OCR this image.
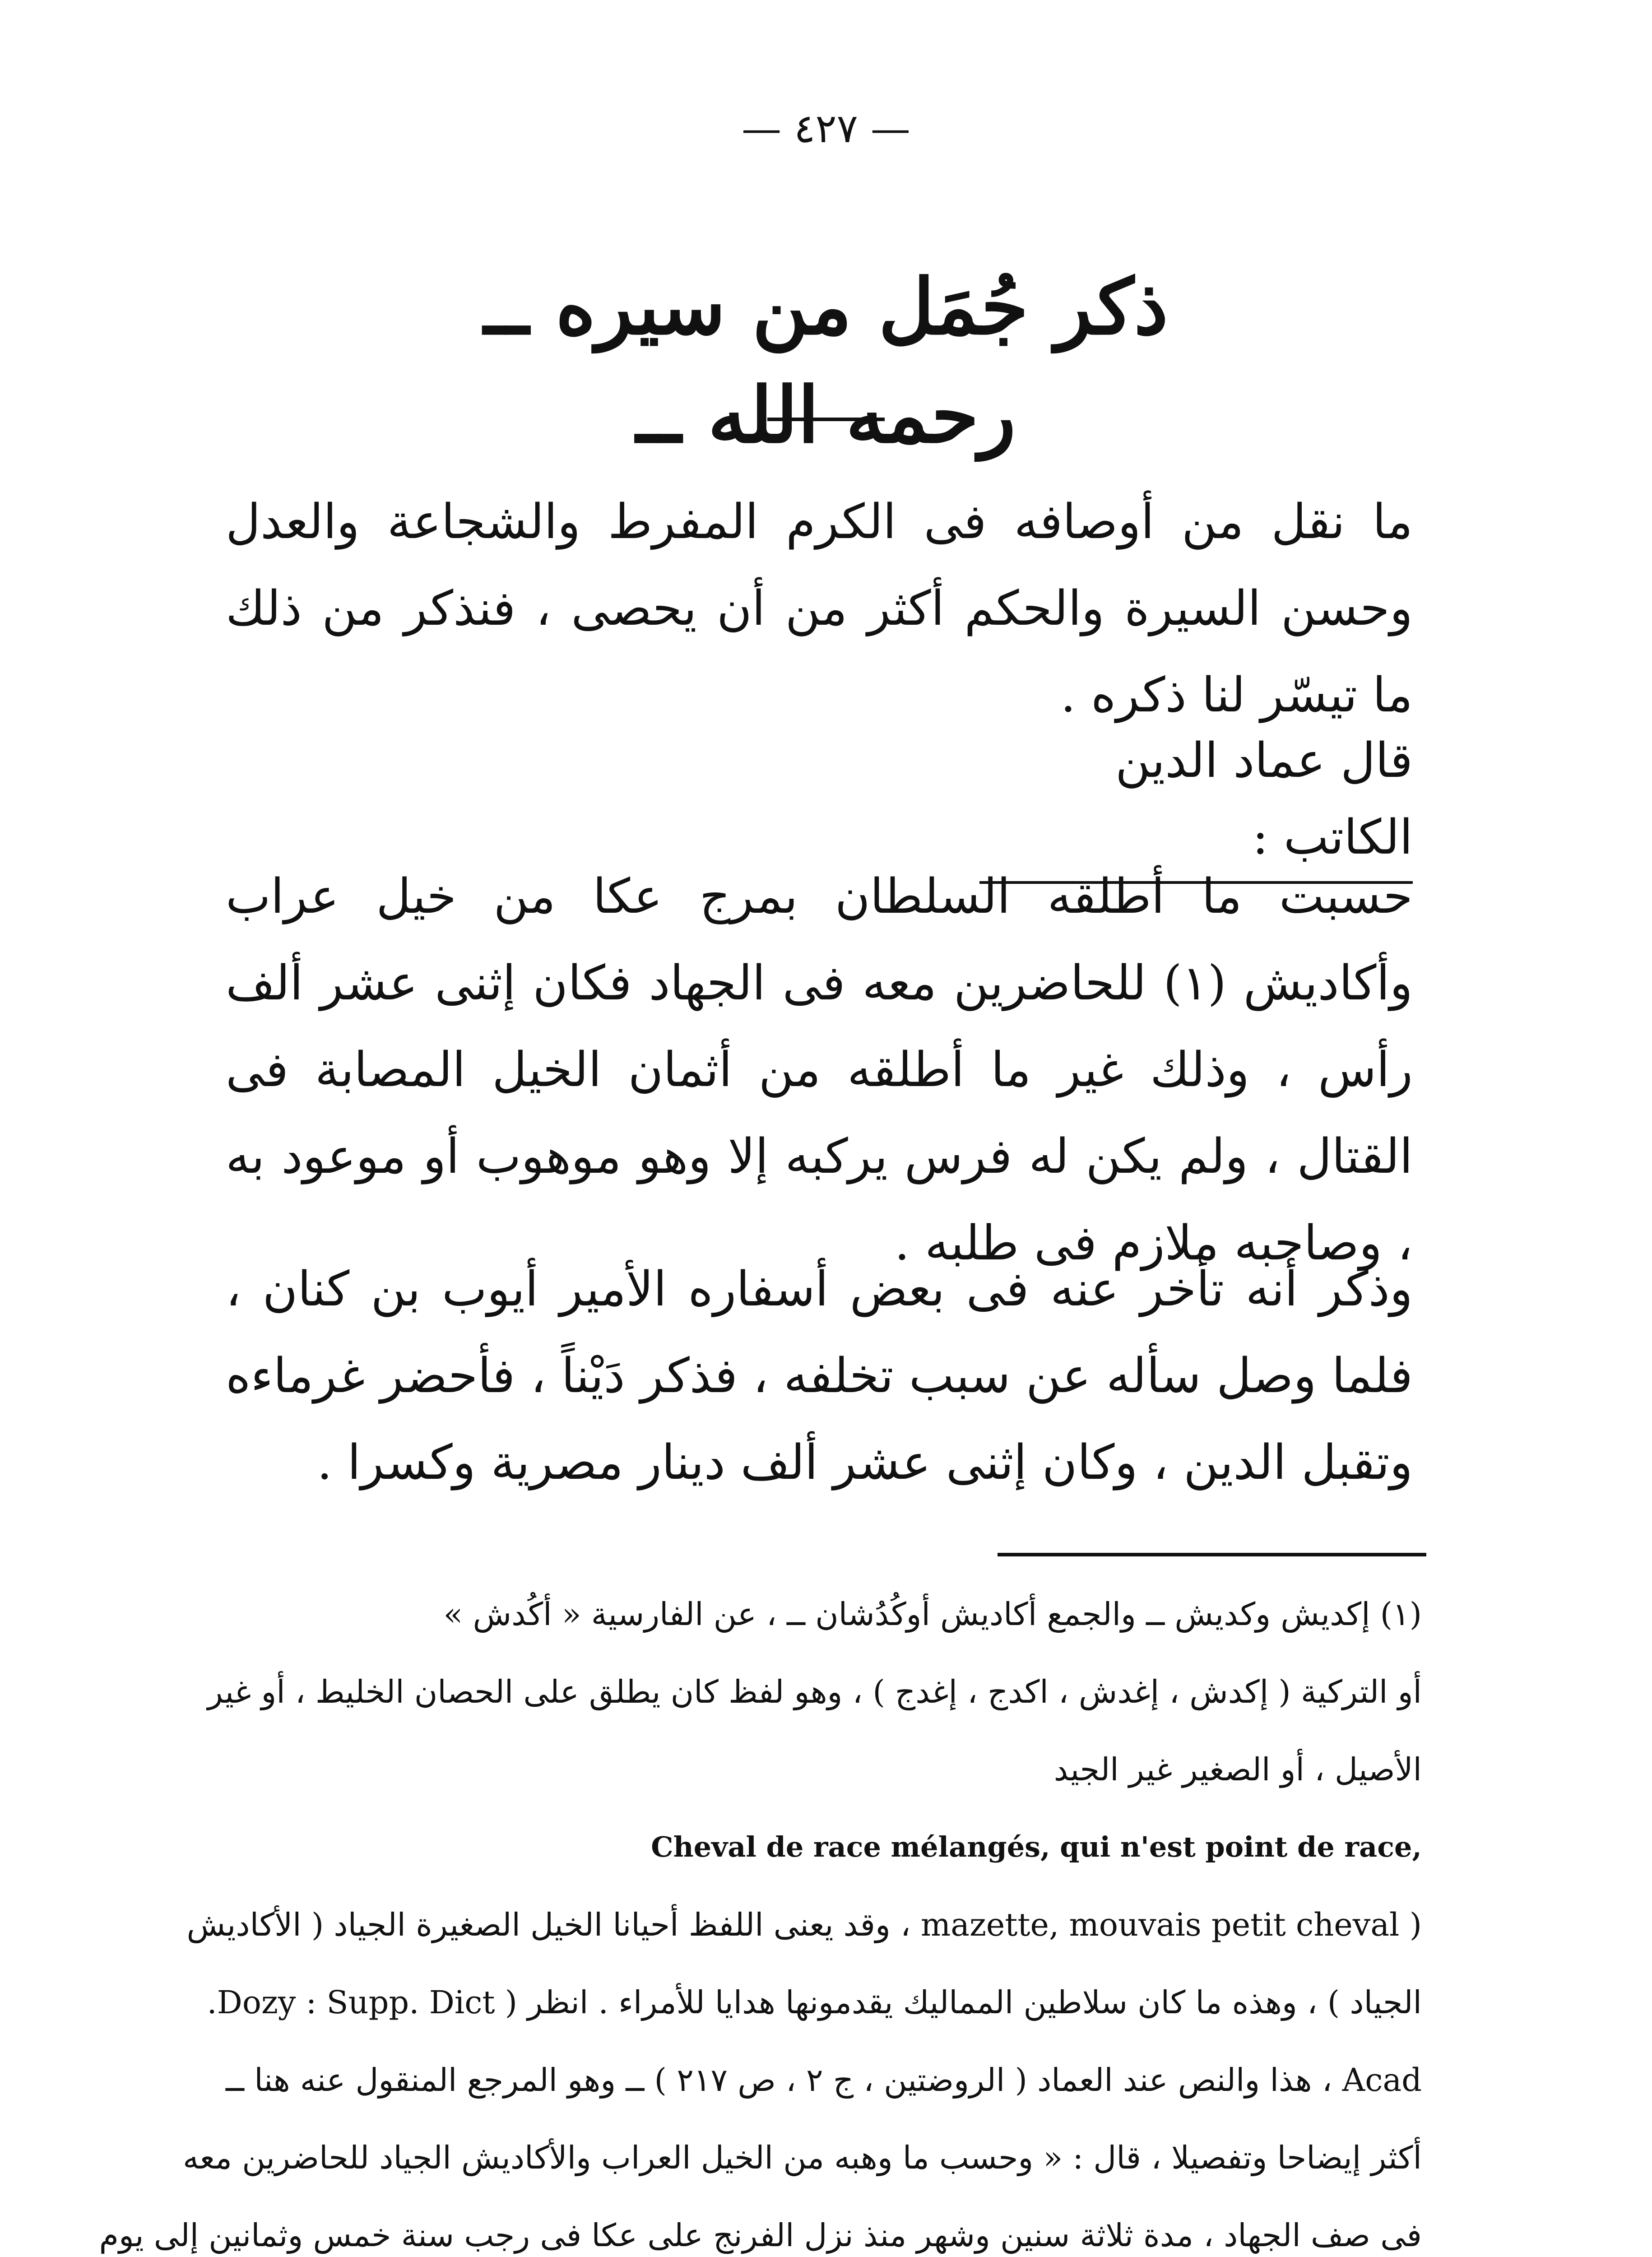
— ٤٢٧ —
ذكر جُمَل من سيره ــ رحمه الله ــ
ما نقل من أوصافه فى الكرم المفرط والشجاعة والعدل وحسن السيرة والحكم أكثر من أن يحصى ، فنذكر من ذلك ما تيسّر لنا ذكره .
قال عماد الدين الكاتب :
حسبت ما أطلقه السلطان بمرج عكا من خيل عراب وأكاديش (١) للحاضرين معه فى الجهاد فكان إثنى عشر ألف رأس ، وذلك غير ما أطلقه من أثمان الخيل المصابة فى القتال ، ولم يكن له فرس يركبه إلا وهو موهوب أو موعود به ، وصاحبه ملازم فى طلبه .
وذكر أنه تأخر عنه فى بعض أسفاره الأمير أيوب بن كنان ، فلما وصل سأله عن سبب تخلفه ، فذكر دَيْناً ، فأحضر غرماءه وتقبل الدين ، وكان إثنى عشر ألف دينار مصرية وكسرا .
(١) إكديش وكديش ــ والجمع أكاديش أوكُدُشان ــ ، عن الفارسية « أكُدش »
أو التركية ( إكدش ، إغدش ، اكدج ، إغدج ) ، وهو لفظ كان يطلق على الحصان الخليط ، أو غير
الأصيل ، أو الصغير غير الجيد
Cheval de race mélangés, qui n'est point de race,
( mazette, mouvais petit cheval ، وقد يعنى اللفظ أحيانا الخيل الصغيرة الجياد ( الأكاديش
الجياد ) ، وهذه ما كان سلاطين المماليك يقدمونها هدايا للأمراء . انظر ( Dozy : Supp. Dict.
Acad ، هذا والنص عند العماد ( الروضتين ، ج ٢ ، ص ٢١٧ ) ــ وهو المرجع المنقول عنه هنا ــ
أكثر إيضاحا وتفصيلا ، قال : « وحسب ما وهبه من الخيل العراب والأكاديش الجياد للحاضرين معه
فى صف الجهاد ، مدة ثلاثة سنين وشهر منذ نزل الفرنج على عكا فى رجب سنة خمس وثمانين إلى يوم
